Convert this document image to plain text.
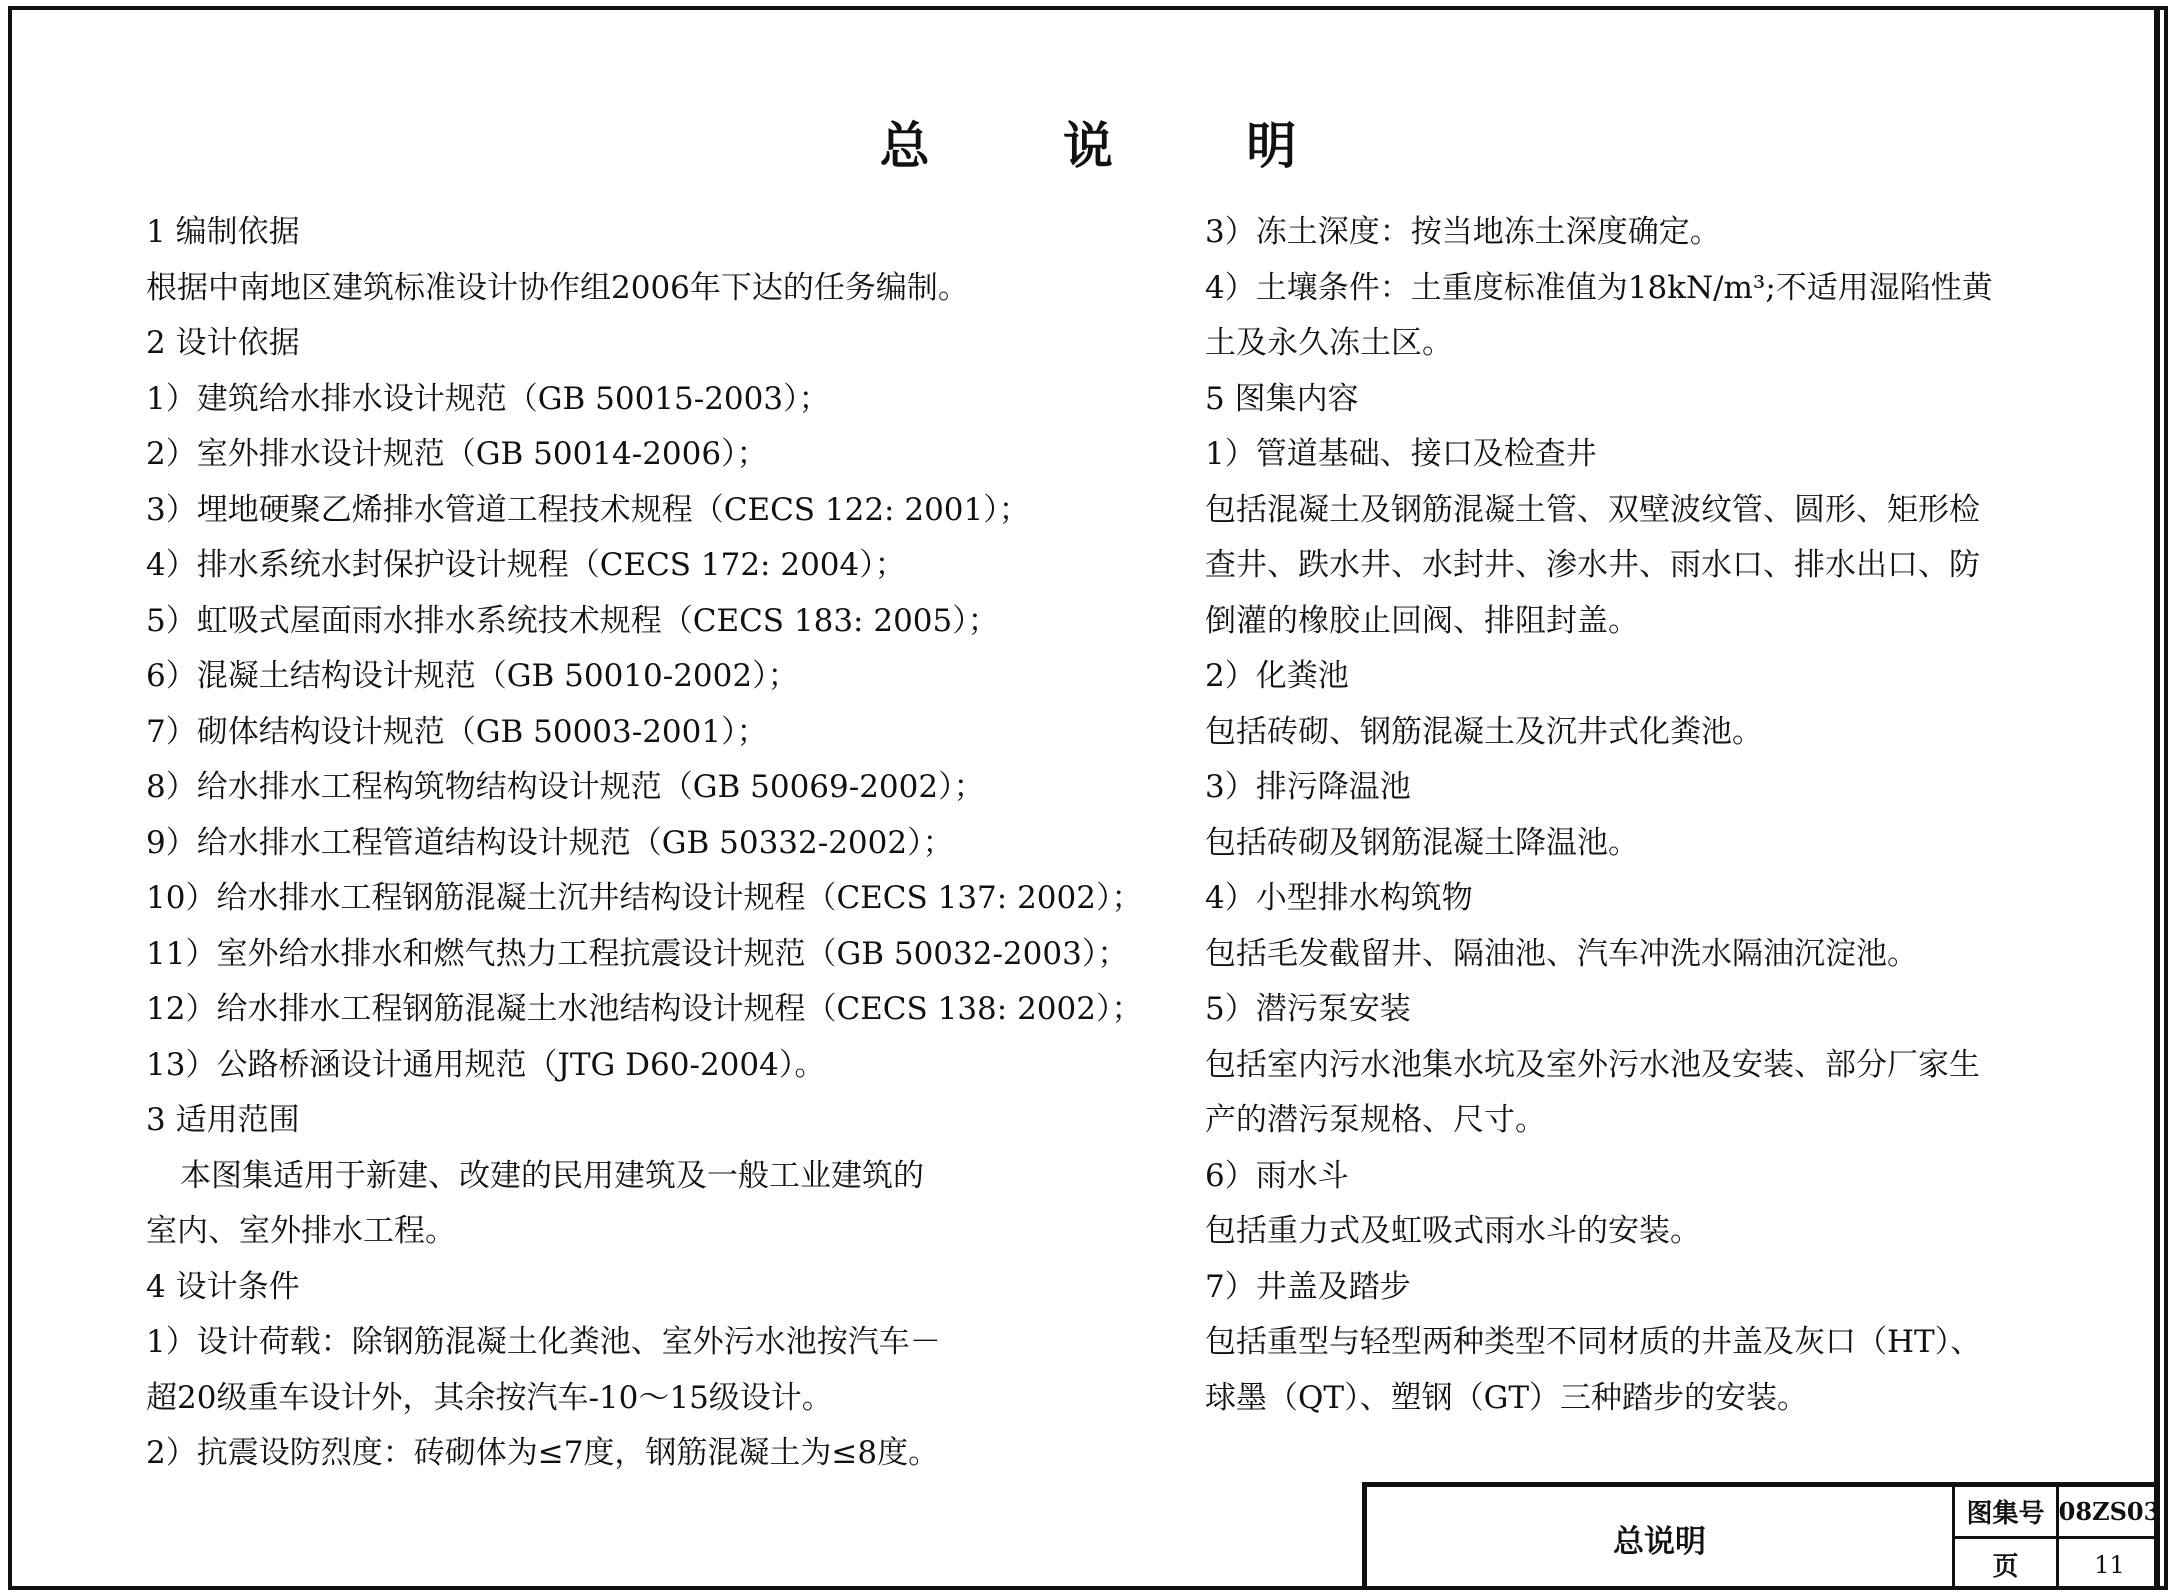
总 说 明
1 编制依据
根据中南地区建筑标准设计协作组2006年下达的任务编制。
2 设计依据
1）建筑给水排水设计规范（GB 50015-2003）；
2）室外排水设计规范（GB 50014-2006）；
3）埋地硬聚乙烯排水管道工程技术规程（CECS 122: 2001）；
4）排水系统水封保护设计规程（CECS 172: 2004）；
5）虹吸式屋面雨水排水系统技术规程（CECS 183: 2005）；
6）混凝土结构设计规范（GB 50010-2002）；
7）砌体结构设计规范（GB 50003-2001）；
8）给水排水工程构筑物结构设计规范（GB 50069-2002）；
9）给水排水工程管道结构设计规范（GB 50332-2002）；
10）给水排水工程钢筋混凝土沉井结构设计规程（CECS 137: 2002）；
11）室外给水排水和燃气热力工程抗震设计规范（GB 50032-2003）；
12）给水排水工程钢筋混凝土水池结构设计规程（CECS 138: 2002）；
13）公路桥涵设计通用规范（JTG D60-2004）。
3 适用范围
本图集适用于新建、改建的民用建筑及一般工业建筑的
室内、室外排水工程。
4 设计条件
1）设计荷载：除钢筋混凝土化粪池、室外污水池按汽车－
超20级重车设计外，其余按汽车-10～15级设计。
2）抗震设防烈度：砖砌体为≤7度，钢筋混凝土为≤8度。
3）冻土深度：按当地冻土深度确定。
4）土壤条件：土重度标准值为18kN/m³;不适用湿陷性黄
土及永久冻土区。
5 图集内容
1）管道基础、接口及检查井
包括混凝土及钢筋混凝土管、双壁波纹管、圆形、矩形检
查井、跌水井、水封井、渗水井、雨水口、排水出口、防
倒灌的橡胶止回阀、排阻封盖。
2）化粪池
包括砖砌、钢筋混凝土及沉井式化粪池。
3）排污降温池
包括砖砌及钢筋混凝土降温池。
4）小型排水构筑物
包括毛发截留井、隔油池、汽车冲洗水隔油沉淀池。
5）潜污泵安装
包括室内污水池集水坑及室外污水池及安装、部分厂家生
产的潜污泵规格、尺寸。
6）雨水斗
包括重力式及虹吸式雨水斗的安装。
7）井盖及踏步
包括重型与轻型两种类型不同材质的井盖及灰口（HT）、
球墨（QT）、塑钢（GT）三种踏步的安装。
总说明
图集号 08ZS03
页	11
